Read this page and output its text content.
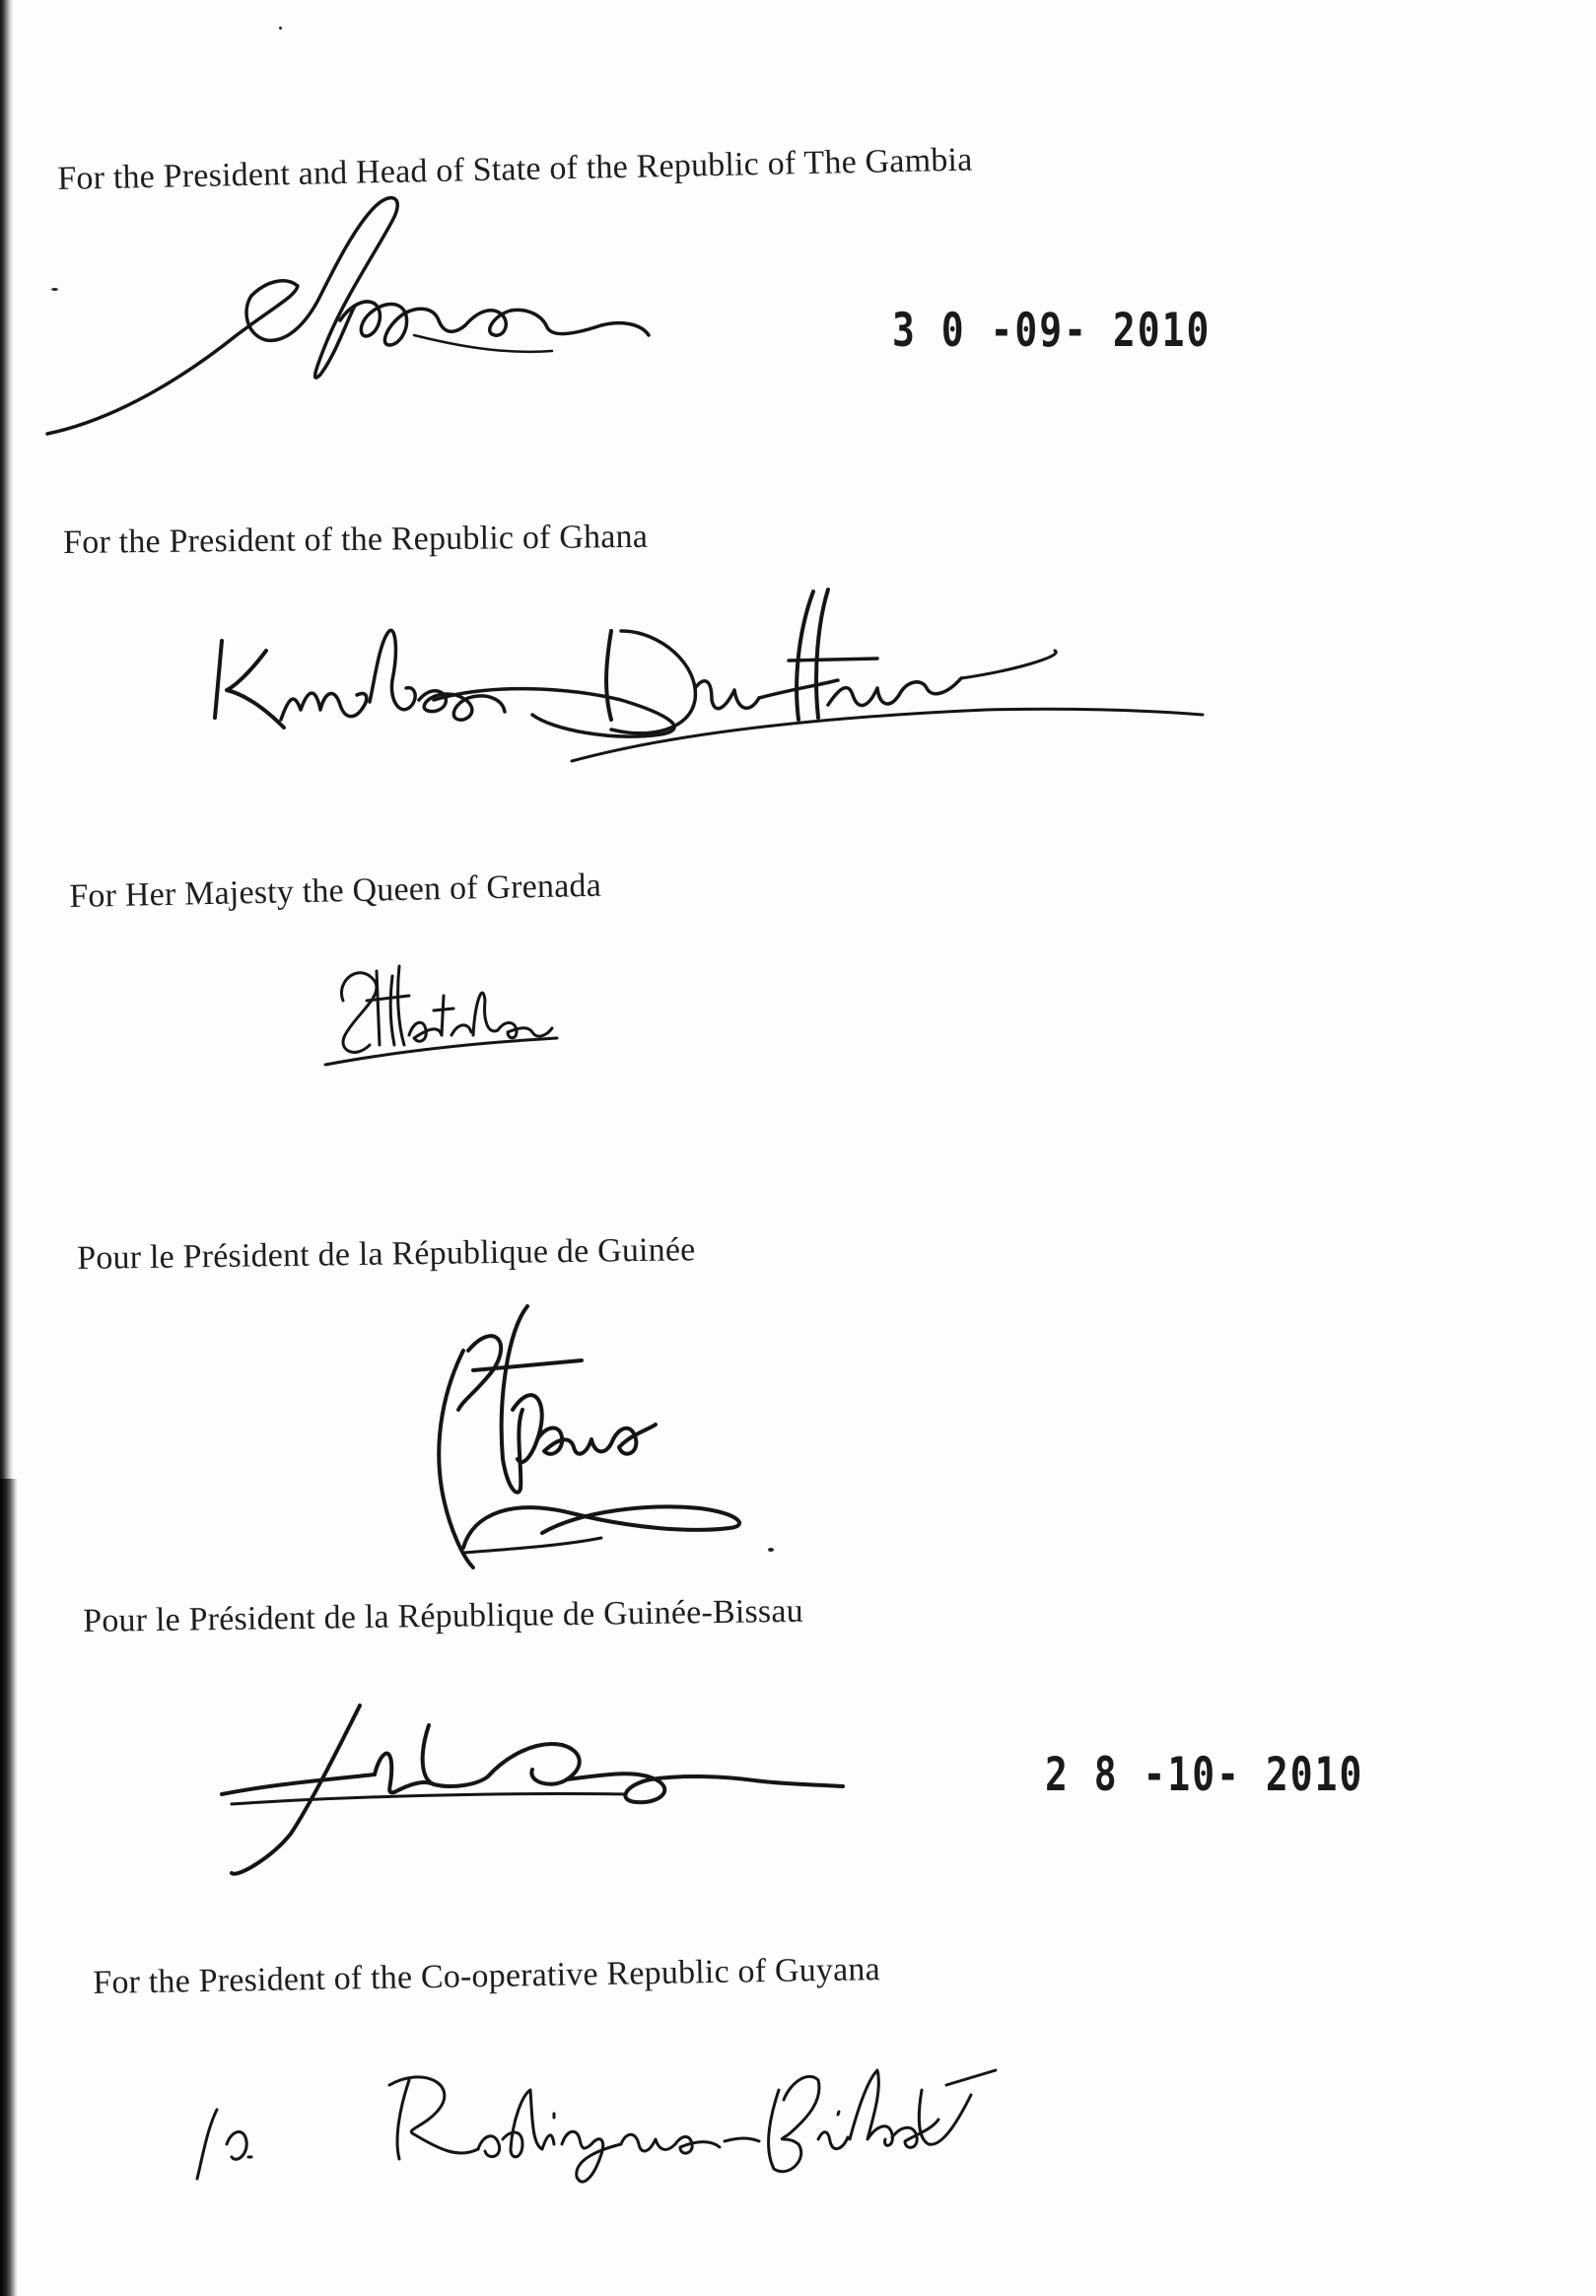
For the President and Head of State of the Republic of The Gambia
3 0 -09- 2010
For the President of the Republic of Ghana
For Her Majesty the Queen of Grenada
Pour le Président de la République de Guinée
Pour le Président de la République de Guinée-Bissau
2 8 -10- 2010
For the President of the Co-operative Republic of Guyana
